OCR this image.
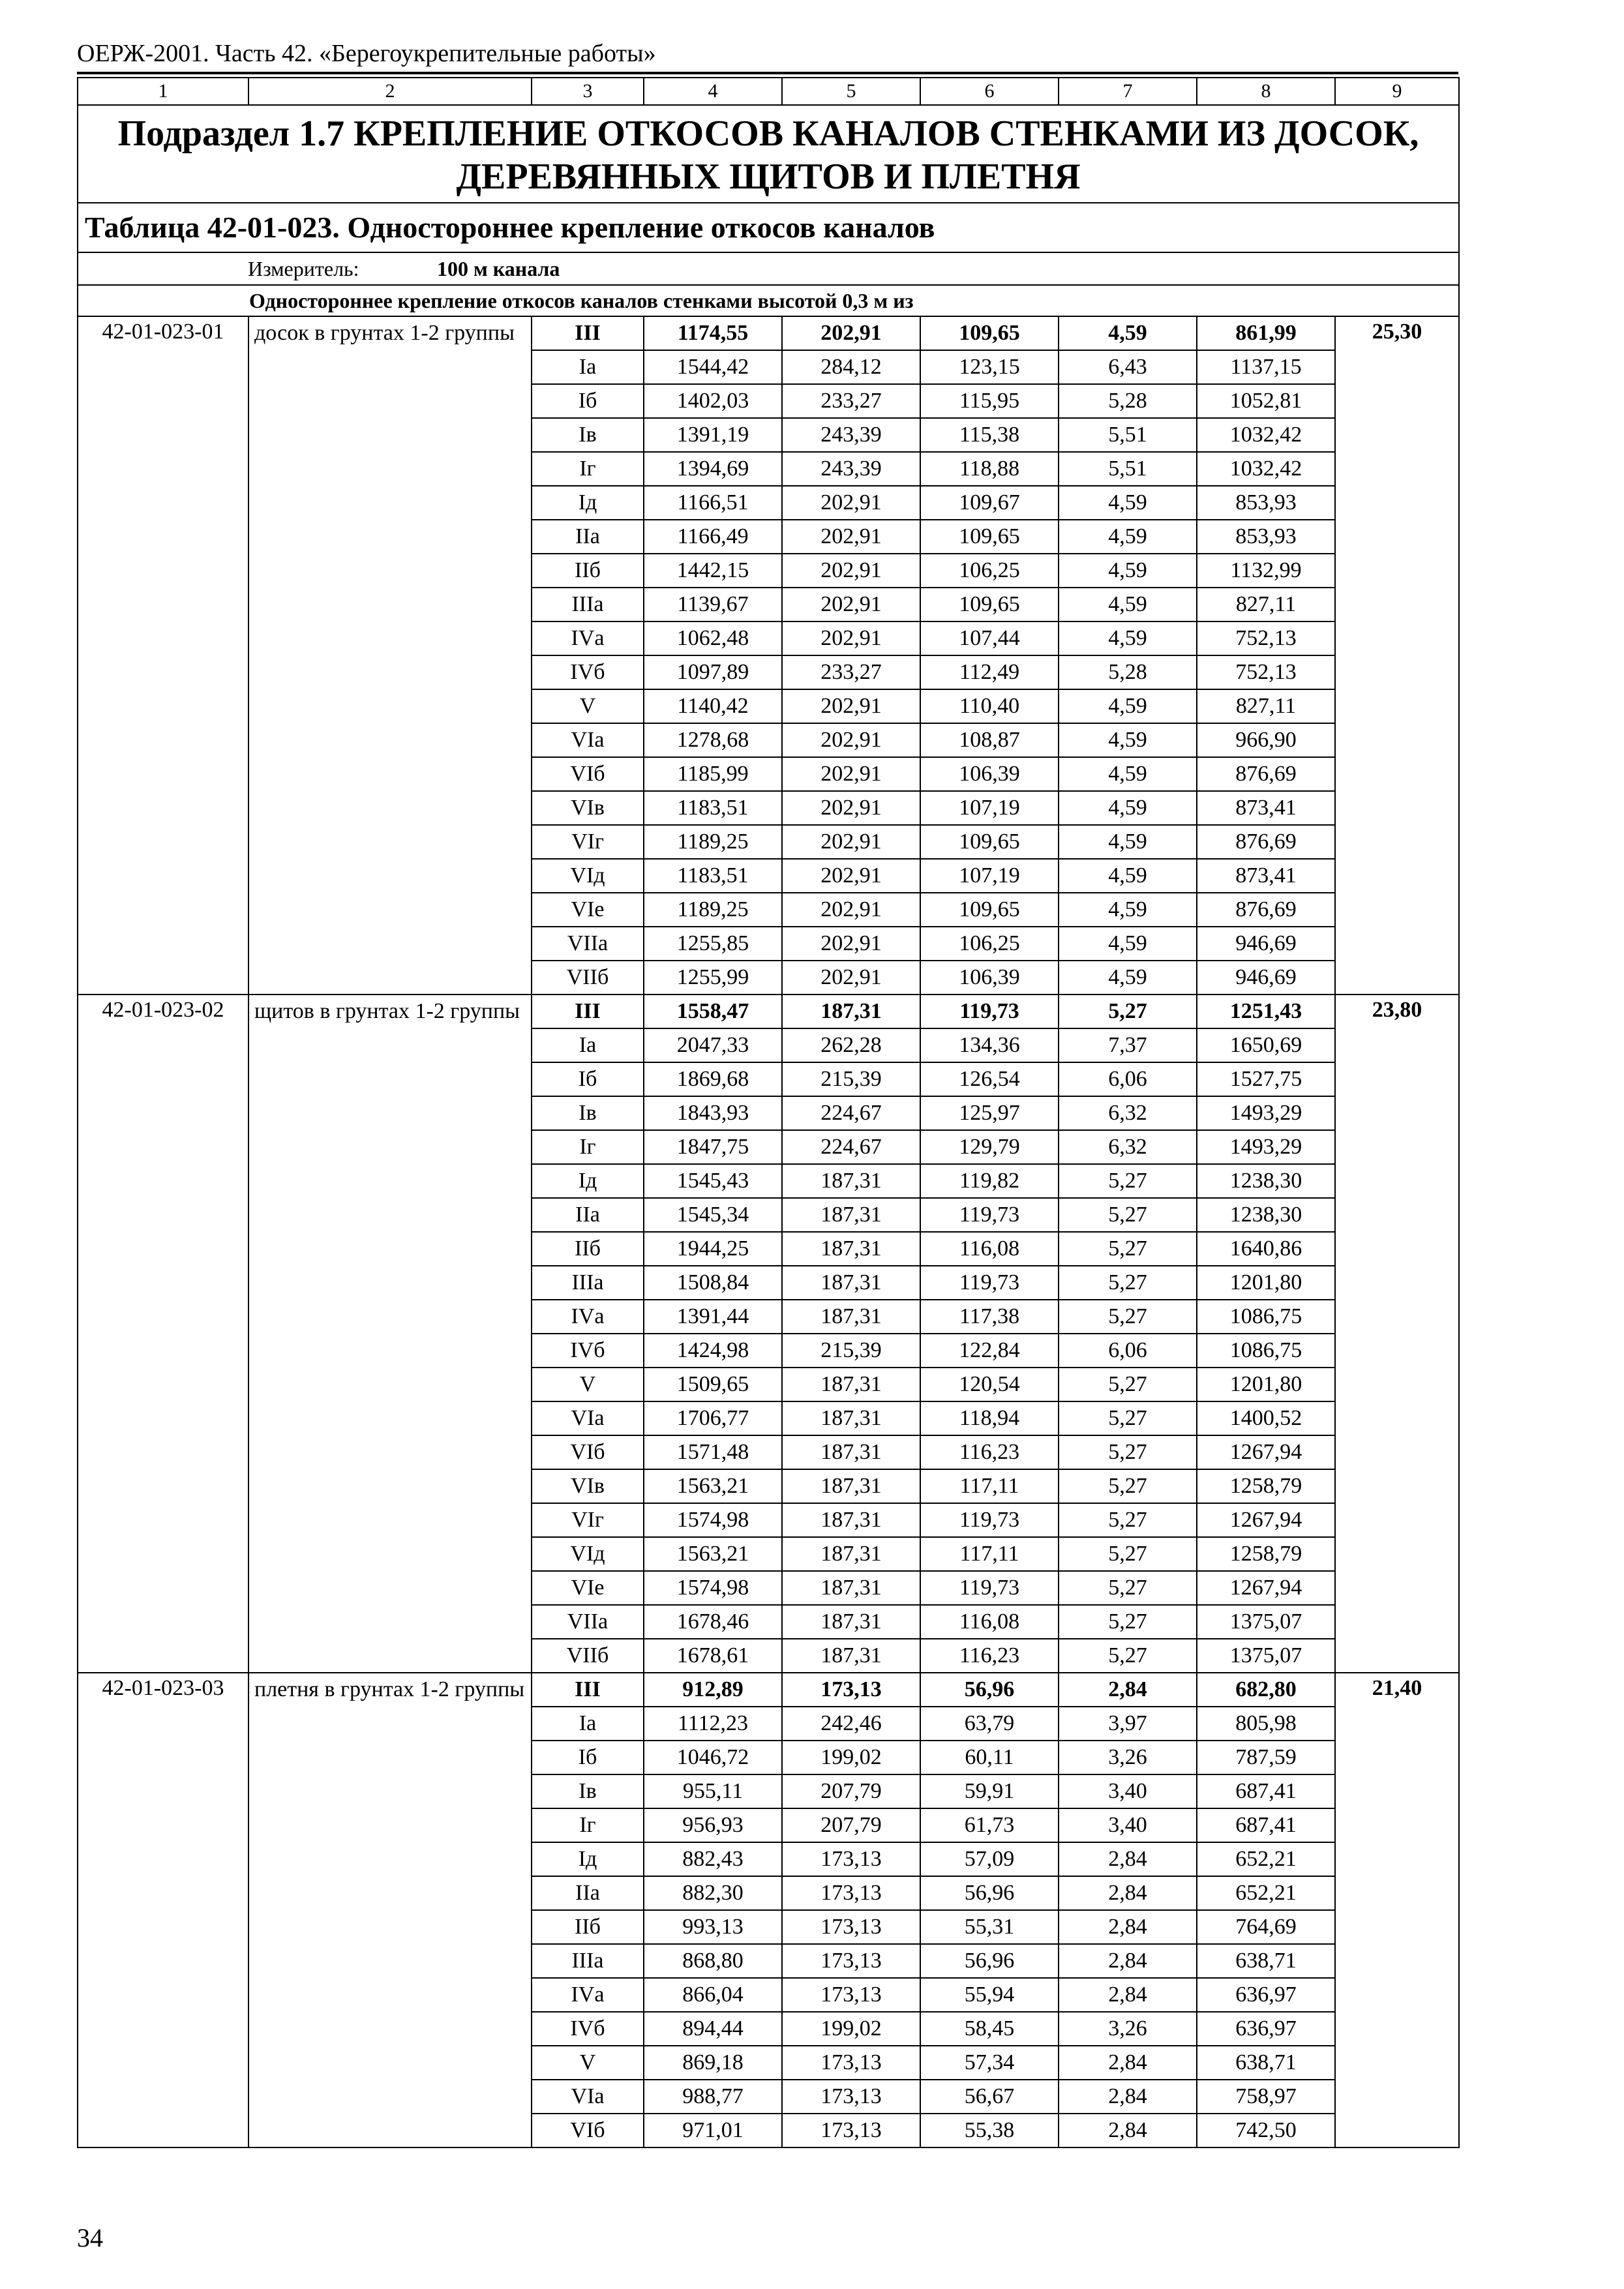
ОЕРЖ-2001. Часть 42. «Берегоукрепительные работы»
1	2	3	4	5	6	7	8	9
Подраздел 1.7 КРЕПЛЕНИЕ ОТКОСОВ КАНАЛОВ СТЕНКАМИ ИЗ ДОСОК, ДЕРЕВЯННЫХ ЩИТОВ И ПЛЕТНЯ								
Таблица 42-01-023. Одностороннее крепление откосов каналов								
Измеритель: 100 м канала								
Одностороннее крепление откосов каналов стенками высотой 0,3 м из								
42-01-023-01	досок в грунтах 1-2 группы	III	1174,55	202,91	109,65	4,59	861,99	25,30
		Iа	1544,42	284,12	123,15	6,43	1137,15	
		Iб	1402,03	233,27	115,95	5,28	1052,81	
		Iв	1391,19	243,39	115,38	5,51	1032,42	
		Iг	1394,69	243,39	118,88	5,51	1032,42	
		Iд	1166,51	202,91	109,67	4,59	853,93	
		IIа	1166,49	202,91	109,65	4,59	853,93	
		IIб	1442,15	202,91	106,25	4,59	1132,99	
		IIIа	1139,67	202,91	109,65	4,59	827,11	
		IVа	1062,48	202,91	107,44	4,59	752,13	
		IVб	1097,89	233,27	112,49	5,28	752,13	
		V	1140,42	202,91	110,40	4,59	827,11	
		VIа	1278,68	202,91	108,87	4,59	966,90	
		VIб	1185,99	202,91	106,39	4,59	876,69	
		VIв	1183,51	202,91	107,19	4,59	873,41	
		VIг	1189,25	202,91	109,65	4,59	876,69	
		VIд	1183,51	202,91	107,19	4,59	873,41	
		VIе	1189,25	202,91	109,65	4,59	876,69	
		VIIа	1255,85	202,91	106,25	4,59	946,69	
		VIIб	1255,99	202,91	106,39	4,59	946,69	
42-01-023-02	щитов в грунтах 1-2 группы	III	1558,47	187,31	119,73	5,27	1251,43	23,80
		Iа	2047,33	262,28	134,36	7,37	1650,69	
		Iб	1869,68	215,39	126,54	6,06	1527,75	
		Iв	1843,93	224,67	125,97	6,32	1493,29	
		Iг	1847,75	224,67	129,79	6,32	1493,29	
		Iд	1545,43	187,31	119,82	5,27	1238,30	
		IIа	1545,34	187,31	119,73	5,27	1238,30	
		IIб	1944,25	187,31	116,08	5,27	1640,86	
		IIIа	1508,84	187,31	119,73	5,27	1201,80	
		IVа	1391,44	187,31	117,38	5,27	1086,75	
		IVб	1424,98	215,39	122,84	6,06	1086,75	
		V	1509,65	187,31	120,54	5,27	1201,80	
		VIа	1706,77	187,31	118,94	5,27	1400,52	
		VIб	1571,48	187,31	116,23	5,27	1267,94	
		VIв	1563,21	187,31	117,11	5,27	1258,79	
		VIг	1574,98	187,31	119,73	5,27	1267,94	
		VIд	1563,21	187,31	117,11	5,27	1258,79	
		VIе	1574,98	187,31	119,73	5,27	1267,94	
		VIIа	1678,46	187,31	116,08	5,27	1375,07	
		VIIб	1678,61	187,31	116,23	5,27	1375,07	
42-01-023-03	плетня в грунтах 1-2 группы	III	912,89	173,13	56,96	2,84	682,80	21,40
		Iа	1112,23	242,46	63,79	3,97	805,98	
		Iб	1046,72	199,02	60,11	3,26	787,59	
		Iв	955,11	207,79	59,91	3,40	687,41	
		Iг	956,93	207,79	61,73	3,40	687,41	
		Iд	882,43	173,13	57,09	2,84	652,21	
		IIа	882,30	173,13	56,96	2,84	652,21	
		IIб	993,13	173,13	55,31	2,84	764,69	
		IIIа	868,80	173,13	56,96	2,84	638,71	
		IVа	866,04	173,13	55,94	2,84	636,97	
		IVб	894,44	199,02	58,45	3,26	636,97	
		V	869,18	173,13	57,34	2,84	638,71	
		VIа	988,77	173,13	56,67	2,84	758,97	
		VIб	971,01	173,13	55,38	2,84	742,50	
34
